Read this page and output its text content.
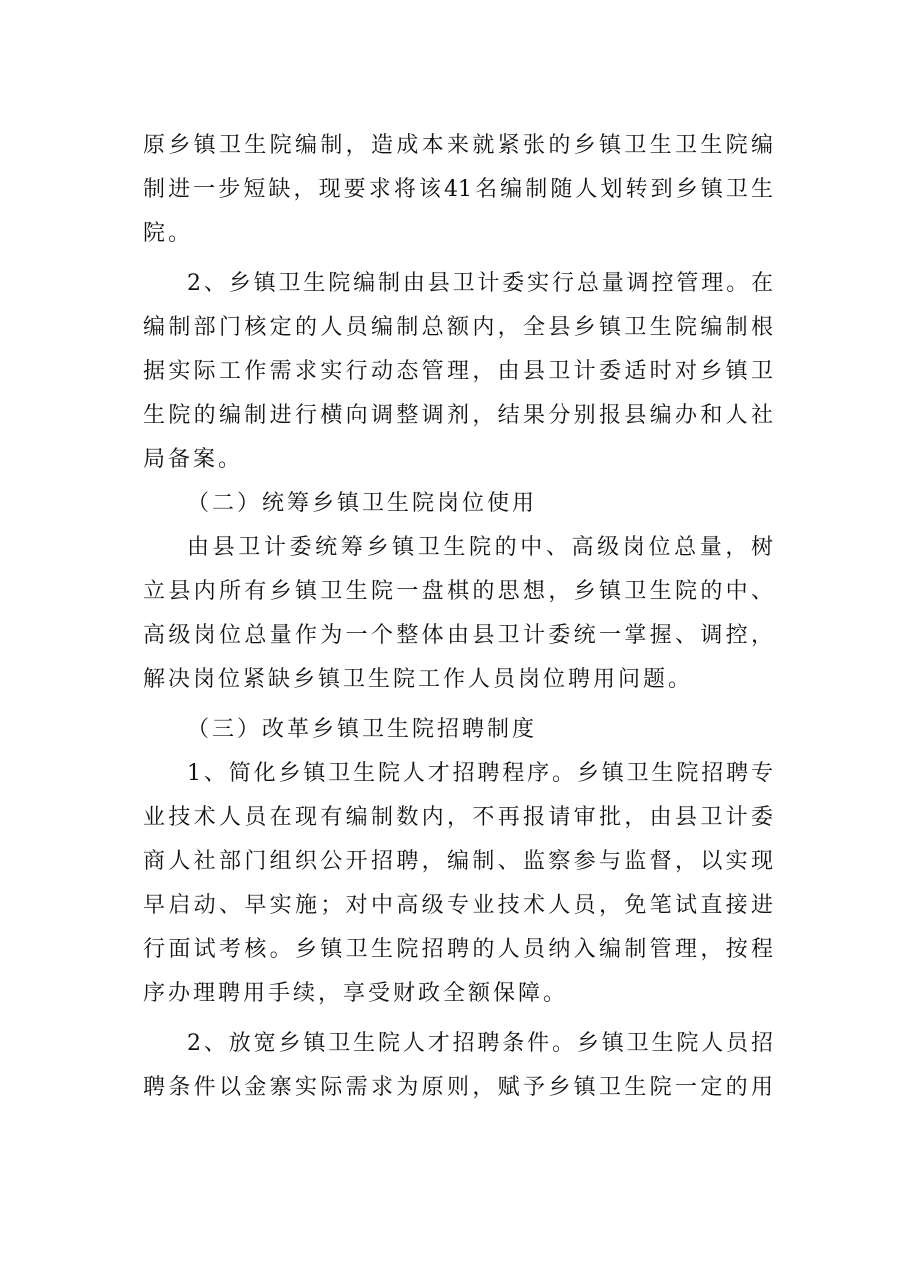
原乡镇卫生院编制，造成本来就紧张的乡镇卫生卫生院编
制进一步短缺，现要求将该41名编制随人划转到乡镇卫生
院。
2、乡镇卫生院编制由县卫计委实行总量调控管理。在
编制部门核定的人员编制总额内，全县乡镇卫生院编制根
据实际工作需求实行动态管理，由县卫计委适时对乡镇卫
生院的编制进行横向调整调剂，结果分别报县编办和人社
局备案。
（二）统筹乡镇卫生院岗位使用
由县卫计委统筹乡镇卫生院的中、高级岗位总量，树
立县内所有乡镇卫生院一盘棋的思想，乡镇卫生院的中、
高级岗位总量作为一个整体由县卫计委统一掌握、调控，
解决岗位紧缺乡镇卫生院工作人员岗位聘用问题。
（三）改革乡镇卫生院招聘制度
1、简化乡镇卫生院人才招聘程序。乡镇卫生院招聘专
业技术人员在现有编制数内，不再报请审批，由县卫计委
商人社部门组织公开招聘，编制、监察参与监督，以实现
早启动、早实施；对中高级专业技术人员，免笔试直接进
行面试考核。乡镇卫生院招聘的人员纳入编制管理，按程
序办理聘用手续，享受财政全额保障。
2、放宽乡镇卫生院人才招聘条件。乡镇卫生院人员招
聘条件以金寨实际需求为原则，赋予乡镇卫生院一定的用
